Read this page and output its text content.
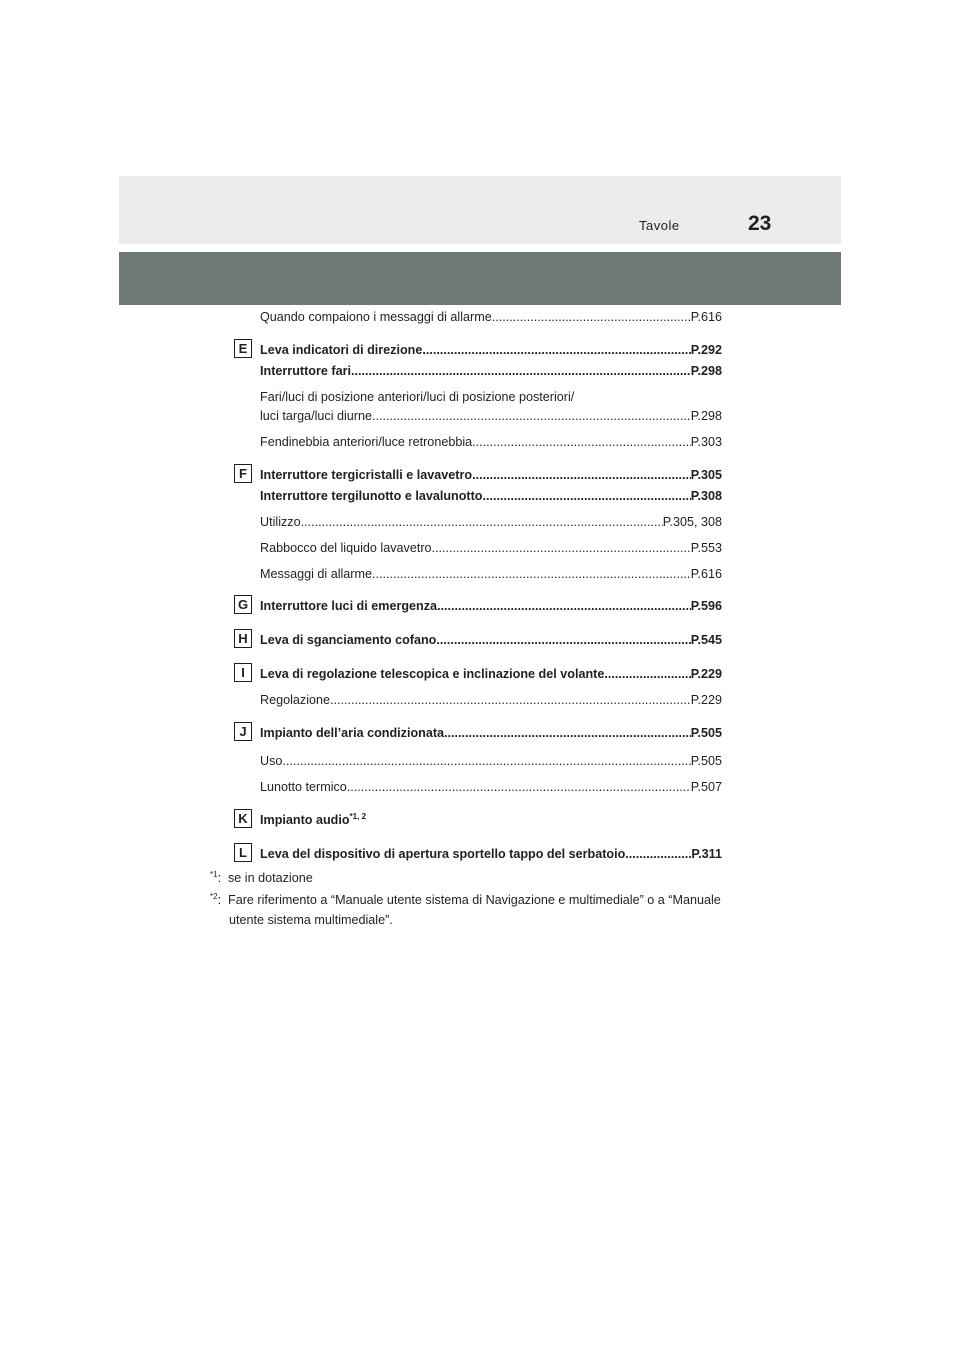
Tavole	23
Quando compaiono i messaggi di allarme .....	P.616
E	Leva indicatori di direzione .....	P.292
Interruttore fari .....	P.298
Fari/luci di posizione anteriori/luci di posizione posteriori/
luci targa/luci diurne .....	P.298
Fendinebbia anteriori/luce retronebbia .....	P.303
F	Interruttore tergicristalli e lavavetro .....	P.305
Interruttore tergilunotto e lavalunotto .....	P.308
Utilizzo .....	P.305, 308
Rabbocco del liquido lavavetro .....	P.553
Messaggi di allarme .....	P.616
G Interruttore luci di emergenza .....	P.596
H Leva di sganciamento cofano .....	P.545
I	Leva di regolazione telescopica e inclinazione del volante .....	P.229
Regolazione .....	P.229
J	Impianto dell’aria condizionata .....	P.505
Uso .....	P.505
Lunotto termico .....	P.507
K Impianto audio$^{*1, 2}$
L	Leva del dispositivo di apertura sportello tappo del serbatoio .....	P.311
$^{*1}$: se in dotazione
$^{*2}$: Fare riferimento a “Manuale utente sistema di Navigazione e multimediale” o a “Manuale
utente sistema multimediale”.
